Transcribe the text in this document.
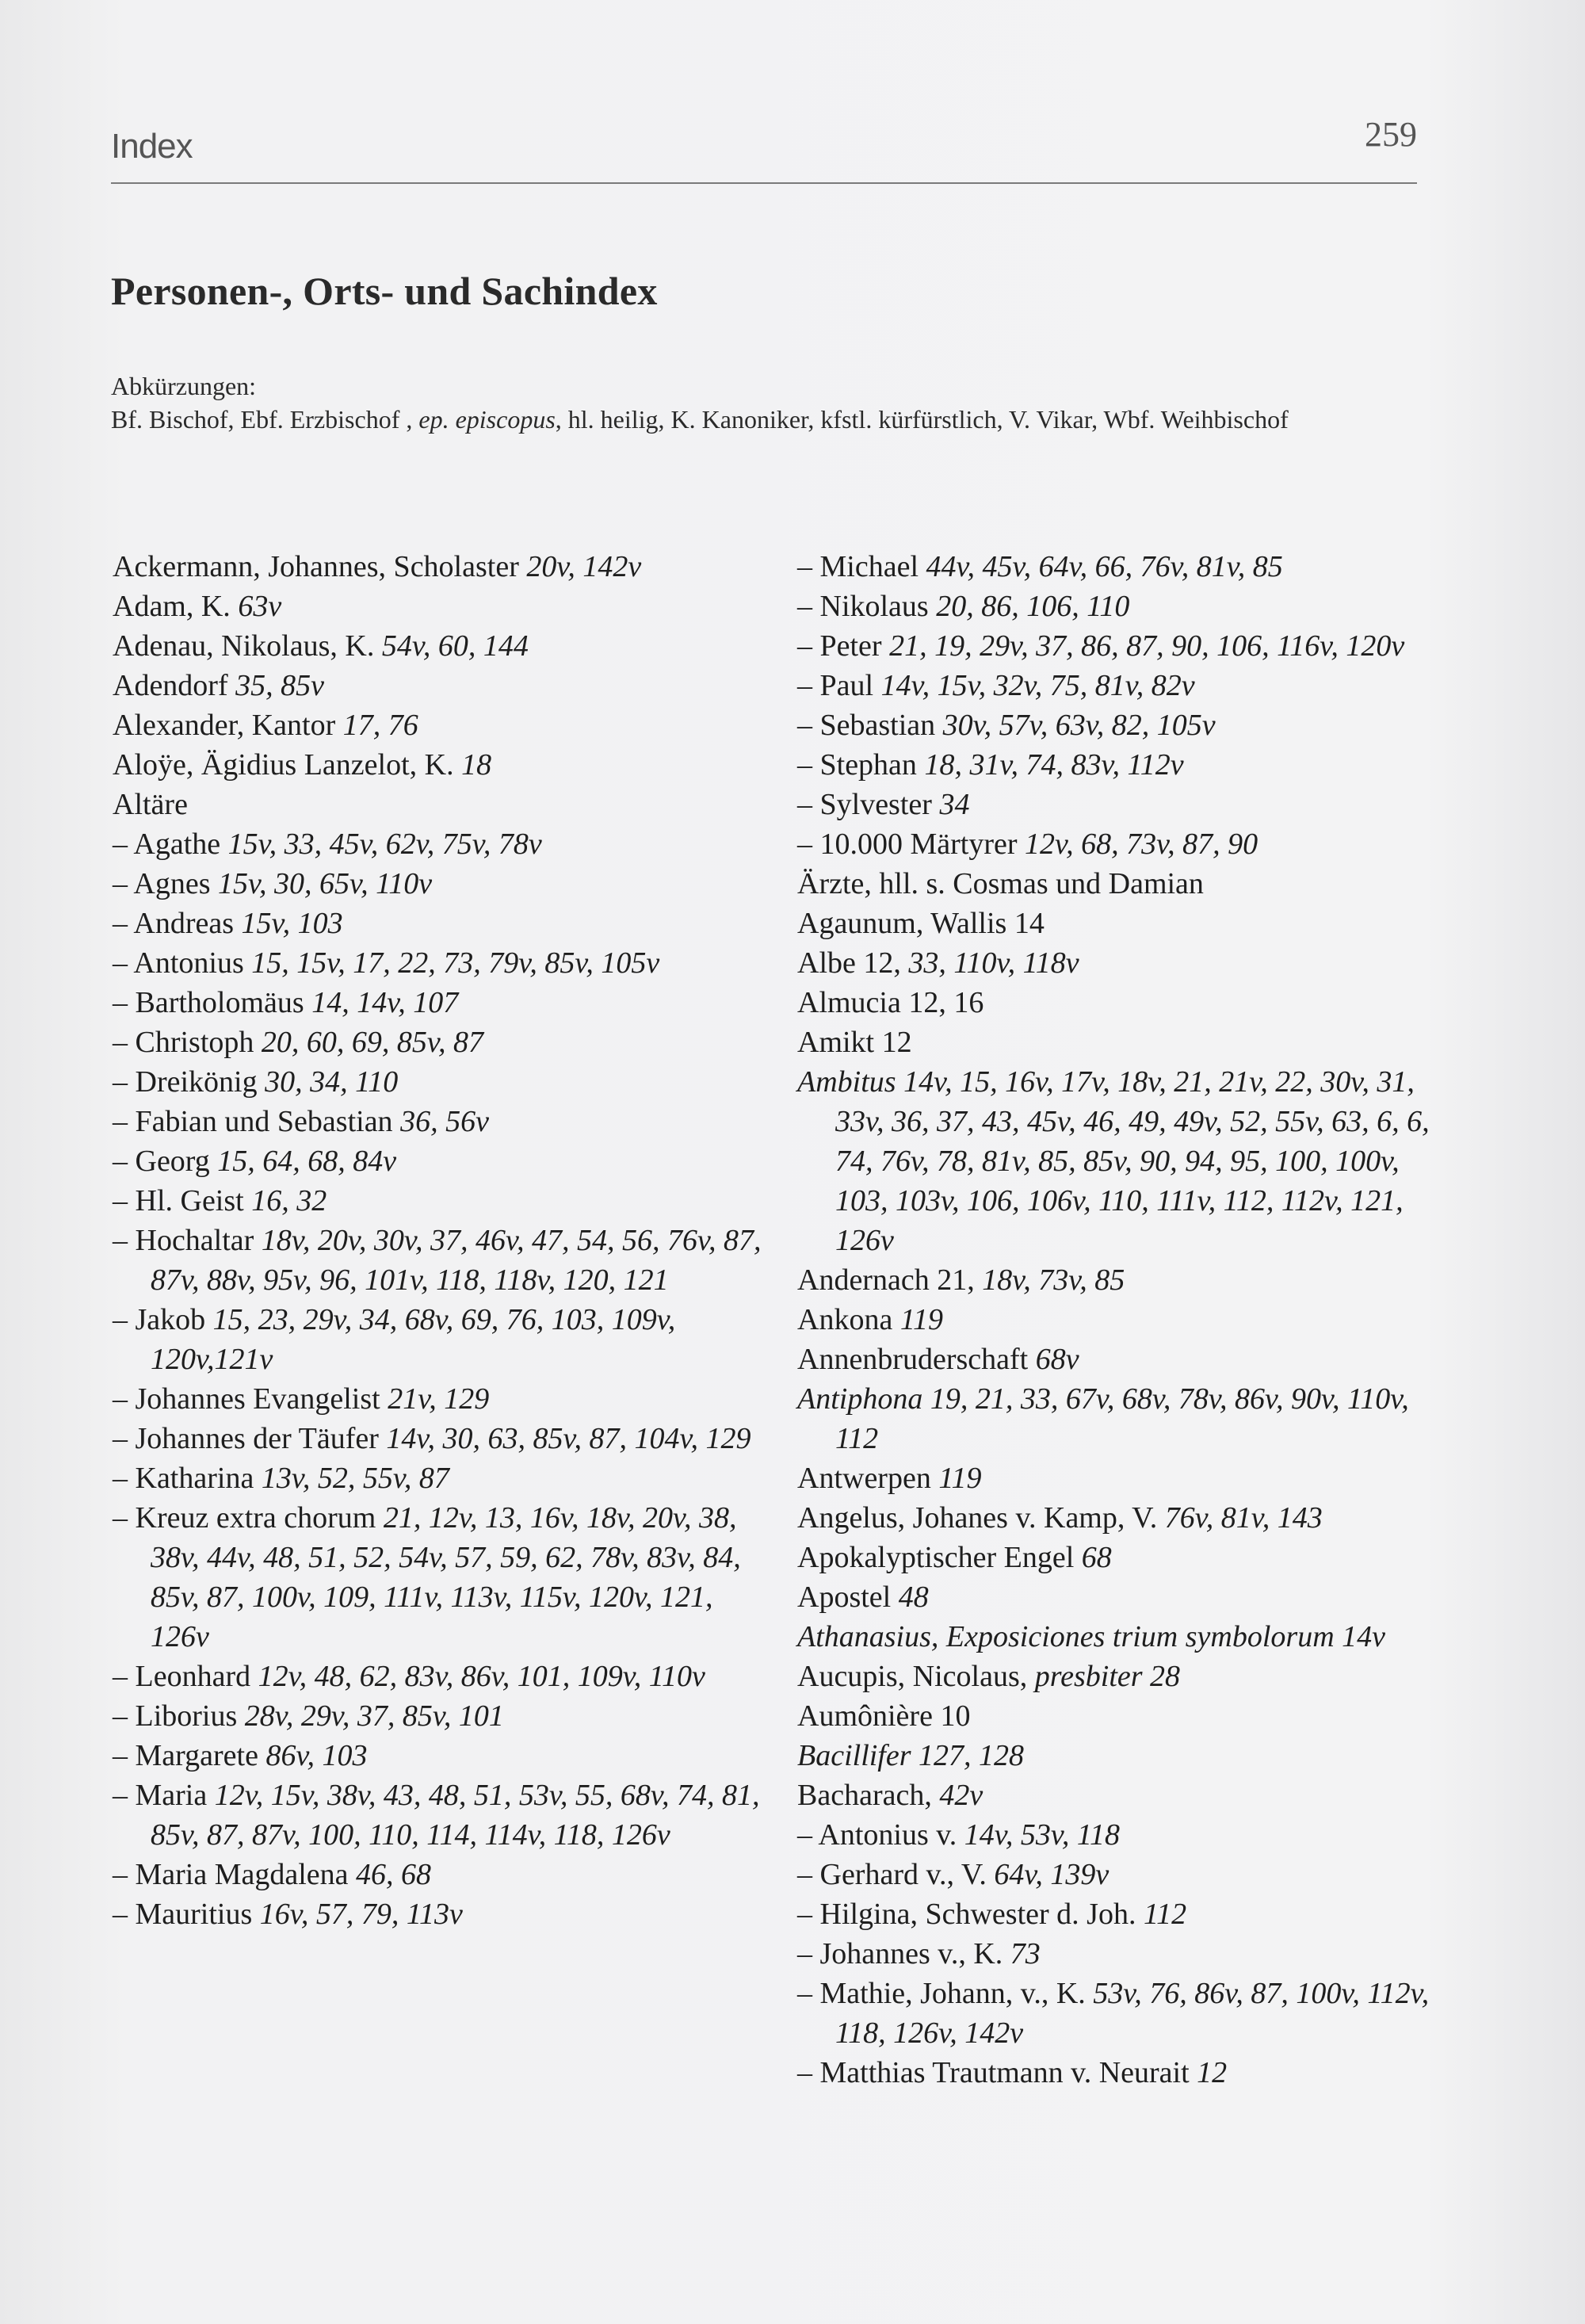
Index	259
Personen-, Orts- und Sachindex
Abkürzungen:
Bf. Bischof, Ebf. Erzbischof , ep. episcopus, hl. heilig, K. Kanoniker, kfstl. kürfürstlich, V. Vikar, Wbf. Weihbischof
Ackermann, Johannes, Scholaster 20v, 142v
Adam, K. 63v
Adenau, Nikolaus, K. 54v, 60, 144
Adendorf 35, 85v
Alexander, Kantor 17, 76
Aloÿe, Ägidius Lanzelot, K. 18
Altäre
– Agathe 15v, 33, 45v, 62v, 75v, 78v
– Agnes 15v, 30, 65v, 110v
– Andreas 15v, 103
– Antonius 15, 15v, 17, 22, 73, 79v, 85v, 105v
– Bartholomäus 14, 14v, 107
– Christoph 20, 60, 69, 85v, 87
– Dreikönig 30, 34, 110
– Fabian und Sebastian 36, 56v
– Georg 15, 64, 68, 84v
– Hl. Geist 16, 32
– Hochaltar 18v, 20v, 30v, 37, 46v, 47, 54, 56, 76v, 87, 87v, 88v, 95v, 96, 101v, 118, 118v, 120, 121
– Jakob 15, 23, 29v, 34, 68v, 69, 76, 103, 109v, 120v,121v
– Johannes Evangelist 21v, 129
– Johannes der Täufer 14v, 30, 63, 85v, 87, 104v, 129
– Katharina 13v, 52, 55v, 87
– Kreuz extra chorum 21, 12v, 13, 16v, 18v, 20v, 38, 38v, 44v, 48, 51, 52, 54v, 57, 59, 62, 78v, 83v, 84, 85v, 87, 100v, 109, 111v, 113v, 115v, 120v, 121, 126v
– Leonhard 12v, 48, 62, 83v, 86v, 101, 109v, 110v
– Liborius 28v, 29v, 37, 85v, 101
– Margarete 86v, 103
– Maria 12v, 15v, 38v, 43, 48, 51, 53v, 55, 68v, 74, 81, 85v, 87, 87v, 100, 110, 114, 114v, 118, 126v
– Maria Magdalena 46, 68
– Mauritius 16v, 57, 79, 113v
– Michael 44v, 45v, 64v, 66, 76v, 81v, 85
– Nikolaus 20, 86, 106, 110
– Peter 21, 19, 29v, 37, 86, 87, 90, 106, 116v, 120v
– Paul 14v, 15v, 32v, 75, 81v, 82v
– Sebastian 30v, 57v, 63v, 82, 105v
– Stephan 18, 31v, 74, 83v, 112v
– Sylvester 34
– 10.000 Märtyrer 12v, 68, 73v, 87, 90
Ärzte, hll. s. Cosmas und Damian
Agaunum, Wallis 14
Albe 12, 33, 110v, 118v
Almucia 12, 16
Amikt 12
Ambitus 14v, 15, 16v, 17v, 18v, 21, 21v, 22, 30v, 31, 33v, 36, 37, 43, 45v, 46, 49, 49v, 52, 55v, 63, 6, 6, 74, 76v, 78, 81v, 85, 85v, 90, 94, 95, 100, 100v, 103, 103v, 106, 106v, 110, 111v, 112, 112v, 121, 126v
Andernach 21, 18v, 73v, 85
Ankona 119
Annenbruderschaft 68v
Antiphona 19, 21, 33, 67v, 68v, 78v, 86v, 90v, 110v, 112
Antwerpen 119
Angelus, Johanes v. Kamp, V. 76v, 81v, 143
Apokalyptischer Engel 68
Apostel 48
Athanasius, Exposiciones trium symbolorum 14v
Aucupis, Nicolaus, presbiter 28
Aumônière 10
Bacillifer 127, 128
Bacharach, 42v
– Antonius v. 14v, 53v, 118
– Gerhard v., V. 64v, 139v
– Hilgina, Schwester d. Joh. 112
– Johannes v., K. 73
– Mathie, Johann, v., K. 53v, 76, 86v, 87, 100v, 112v, 118, 126v, 142v
– Matthias Trautmann v. Neurait 12
